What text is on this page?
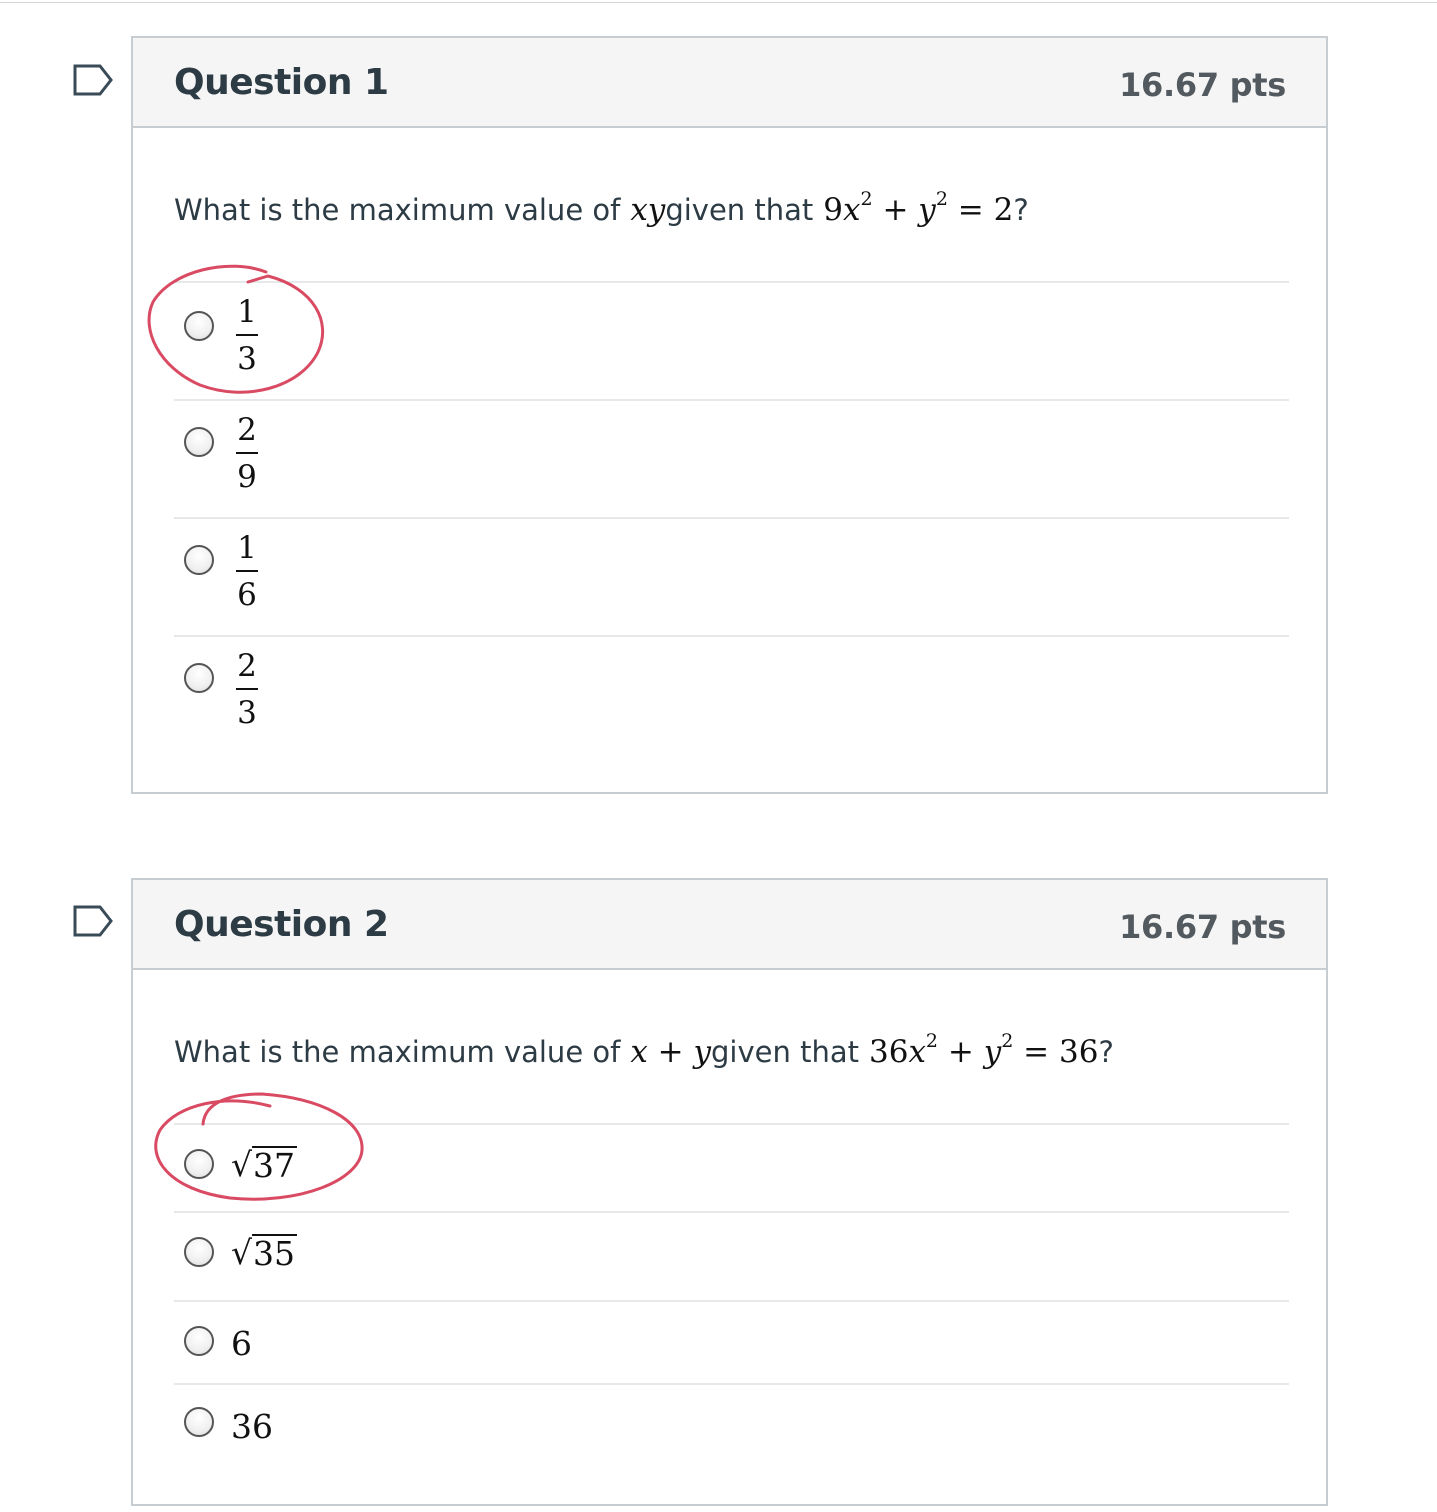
Question 1	16.67 pts
What is the maximum value of xy given that $9x^2 + y^2 = 2$ ?
1
3
2
9
1
6
2
3
Question 2	16.67 pts
What is the maximum value of x + y given that $36x^2 + y^2 = 36$ ?
√ 37
√ 35
6
36
